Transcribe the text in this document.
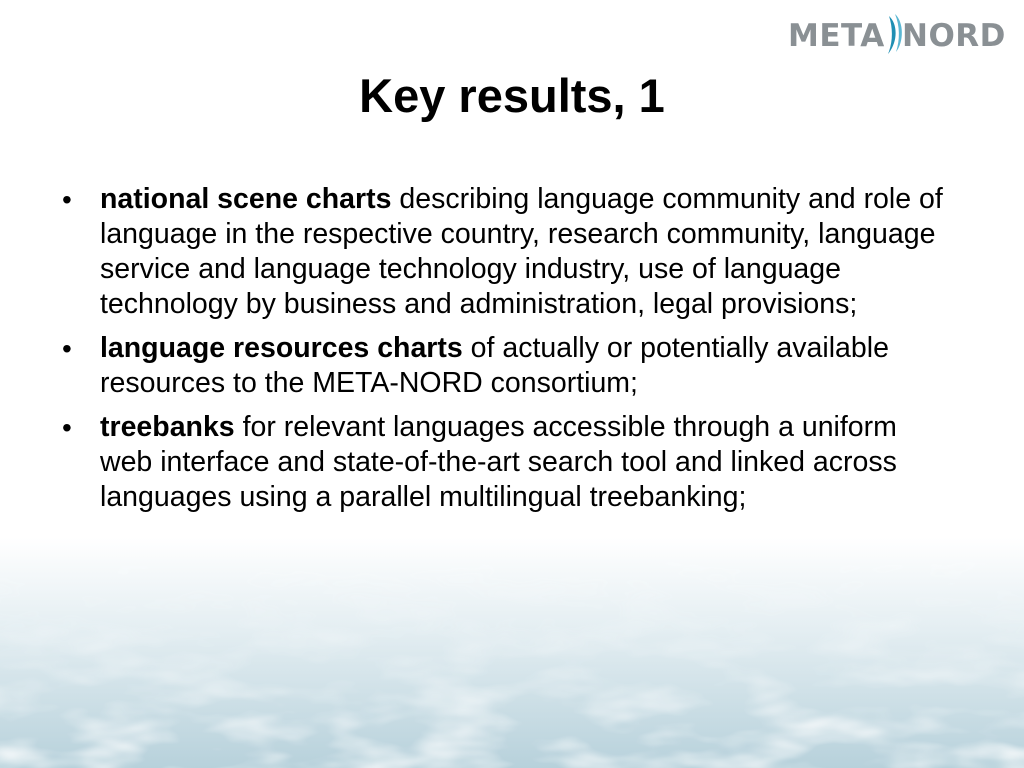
META NORD
Key results, 1
• national scene charts describing language community and role of language in the respective country, research community, language service and language technology industry, use of language technology by business and administration, legal provisions;
• language resources charts of actually or potentially available resources to the META-NORD consortium;
• treebanks for relevant languages accessible through a uniform web interface and state-of-the-art search tool and linked across languages using a parallel multilingual treebanking;
